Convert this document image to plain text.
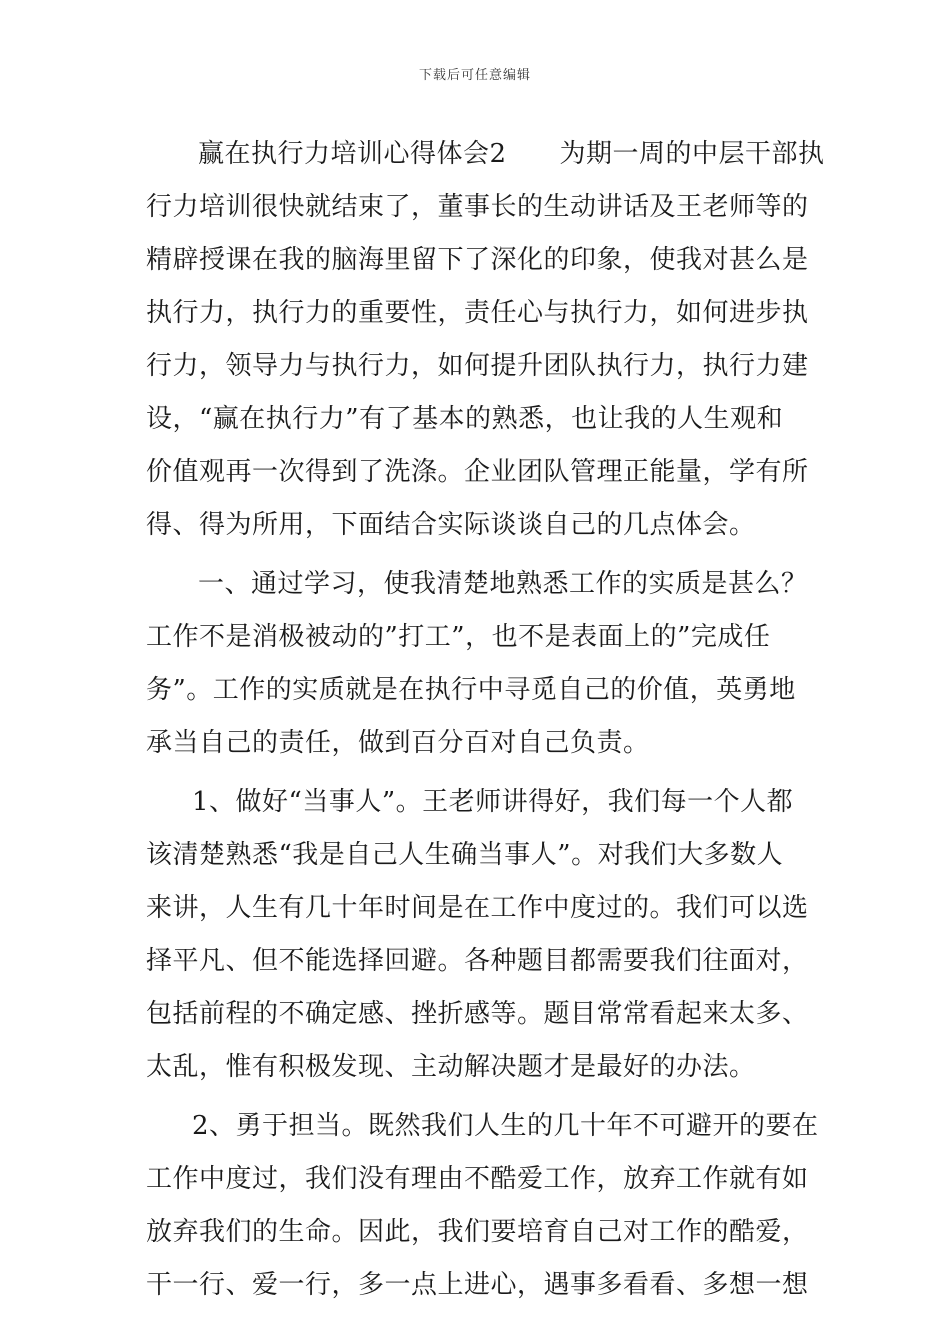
下载后可任意编辑
赢在执行力培训心得体会2　　为期一周的中层干部执
行力培训很快就结束了，董事长的生动讲话及王老师等的
精辟授课在我的脑海里留下了深化的印象，使我对甚么是
执行力，执行力的重要性，责任心与执行力，如何进步执
行力，领导力与执行力，如何提升团队执行力，执行力建
设，“赢在执行力”有了基本的熟悉，也让我的人生观和
价值观再一次得到了洗涤。企业团队管理正能量，学有所
得、得为所用，下面结合实际谈谈自己的几点体会。
一、通过学习，使我清楚地熟悉工作的实质是甚么？
工作不是消极被动的”打工”，也不是表面上的”完成任
务”。工作的实质就是在执行中寻觅自己的价值，英勇地
承当自己的责任，做到百分百对自己负责。
1、做好“当事人”。王老师讲得好，我们每一个人都
该清楚熟悉“我是自己人生确当事人”。对我们大多数人
来讲，人生有几十年时间是在工作中度过的。我们可以选
择平凡、但不能选择回避。各种题目都需要我们往面对，
包括前程的不确定感、挫折感等。题目常常看起来太多、
太乱，惟有积极发现、主动解决题才是最好的办法。
2、勇于担当。既然我们人生的几十年不可避开的要在
工作中度过，我们没有理由不酷爱工作，放弃工作就有如
放弃我们的生命。因此，我们要培育自己对工作的酷爱，
干一行、爱一行，多一点上进心，遇事多看看、多想一想
